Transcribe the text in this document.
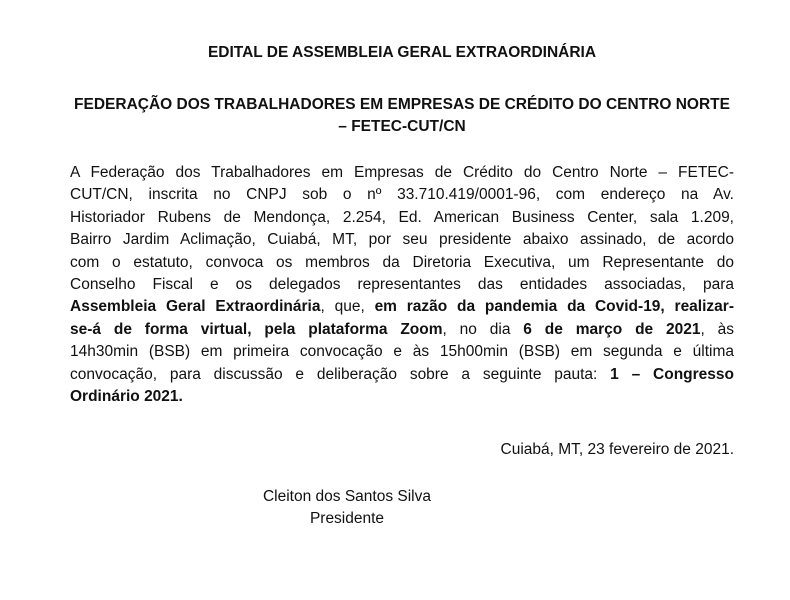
EDITAL DE ASSEMBLEIA GERAL EXTRAORDINÁRIA
FEDERAÇÃO DOS TRABALHADORES EM EMPRESAS DE CRÉDITO DO CENTRO NORTE
– FETEC-CUT/CN
A Federação dos Trabalhadores em Empresas de Crédito do Centro Norte – FETEC-
CUT/CN, inscrita no CNPJ sob o nº 33.710.419/0001-96, com endereço na Av.
Historiador Rubens de Mendonça, 2.254, Ed. American Business Center, sala 1.209,
Bairro Jardim Aclimação, Cuiabá, MT, por seu presidente abaixo assinado, de acordo
com o estatuto, convoca os membros da Diretoria Executiva, um Representante do
Conselho Fiscal e os delegados representantes das entidades associadas, para
Assembleia Geral Extraordinária, que, em razão da pandemia da Covid-19, realizar-
se-á de forma virtual, pela plataforma Zoom, no dia 6 de março de 2021, às
14h30min (BSB) em primeira convocação e às 15h00min (BSB) em segunda e última
convocação, para discussão e deliberação sobre a seguinte pauta: 1 – Congresso
Ordinário 2021.
Cuiabá, MT, 23 fevereiro de 2021.
Cleiton dos Santos Silva
Presidente
